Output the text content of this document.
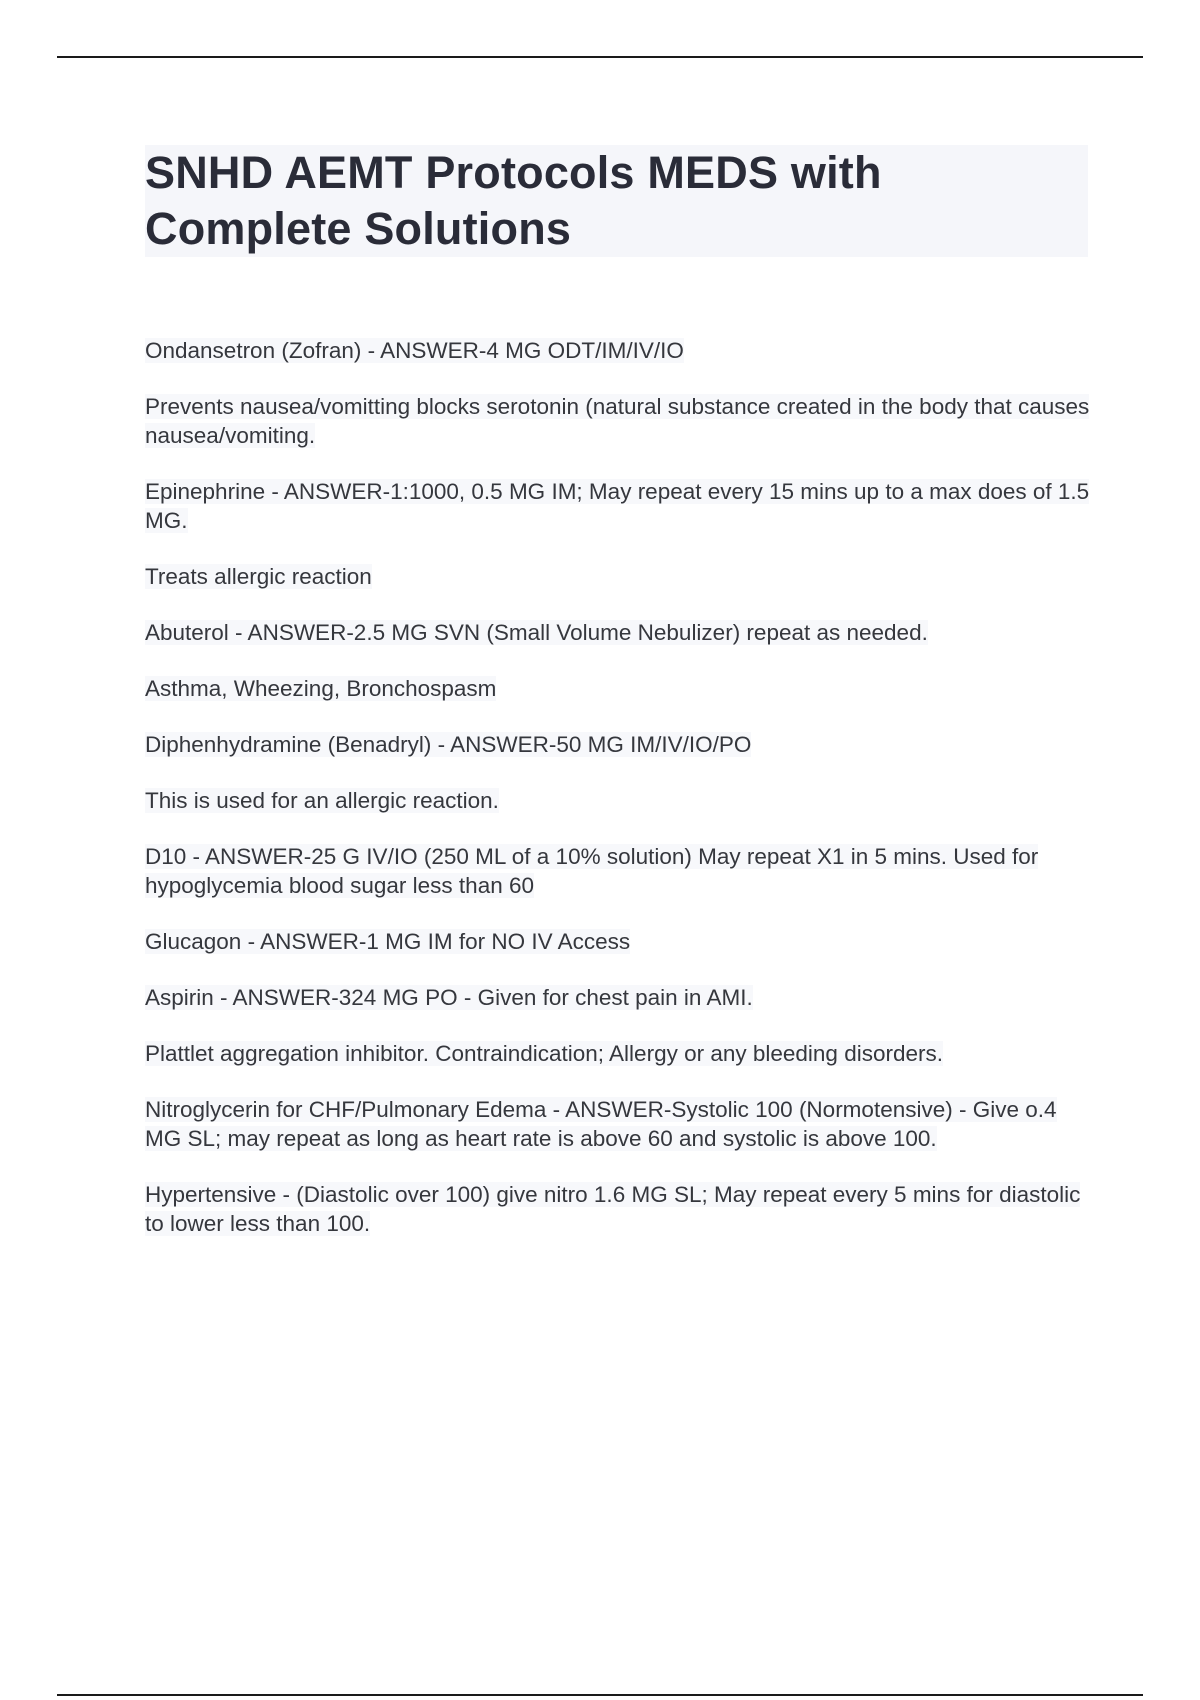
SNHD AEMT Protocols MEDS with
Complete Solutions

Ondansetron (Zofran) - ANSWER-4 MG ODT/IM/IV/IO

Prevents nausea/vomitting blocks serotonin (natural substance created in the body that causes nausea/vomiting.

Epinephrine - ANSWER-1:1000, 0.5 MG IM; May repeat every 15 mins up to a max does of 1.5 MG.

Treats allergic reaction

Abuterol - ANSWER-2.5 MG SVN (Small Volume Nebulizer) repeat as needed.

Asthma, Wheezing, Bronchospasm

Diphenhydramine (Benadryl) - ANSWER-50 MG IM/IV/IO/PO

This is used for an allergic reaction.

D10 - ANSWER-25 G IV/IO (250 ML of a 10% solution) May repeat X1 in 5 mins. Used for hypoglycemia blood sugar less than 60

Glucagon - ANSWER-1 MG IM for NO IV Access

Aspirin - ANSWER-324 MG PO - Given for chest pain in AMI.

Plattlet aggregation inhibitor. Contraindication; Allergy or any bleeding disorders.

Nitroglycerin for CHF/Pulmonary Edema - ANSWER-Systolic 100 (Normotensive) - Give o.4 MG SL; may repeat as long as heart rate is above 60 and systolic is above 100.

Hypertensive - (Diastolic over 100) give nitro 1.6 MG SL; May repeat every 5 mins for diastolic to lower less than 100.
